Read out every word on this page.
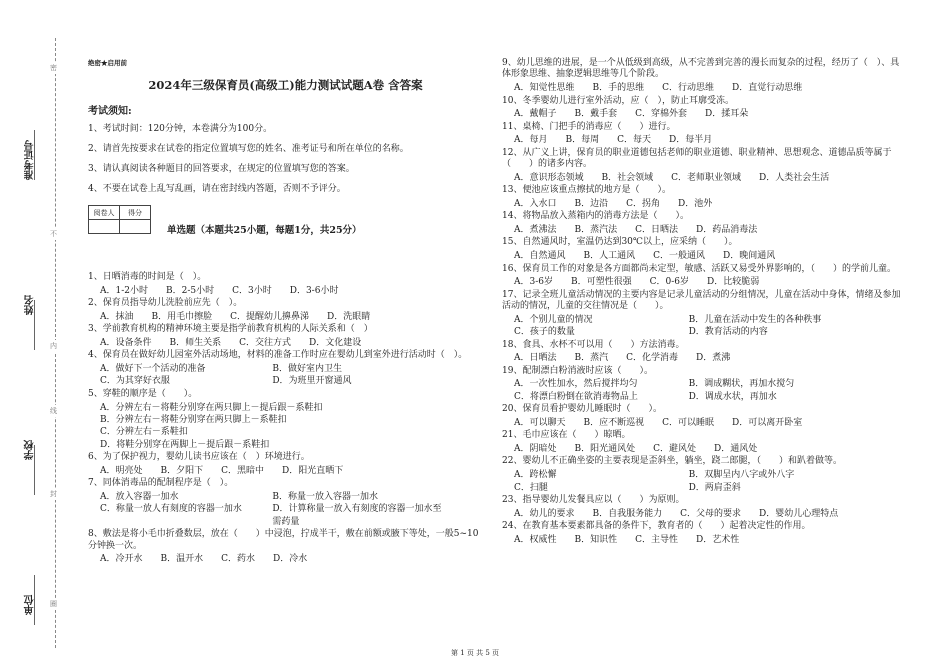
准考证号
姓名
学校
单位
密
不
内
线
封
圈
绝密★启用前
2024年三级保育员(高级工)能力测试试题A卷 含答案
考试须知:
1、考试时间：120分钟，本卷满分为100分。
2、请首先按要求在试卷的指定位置填写您的姓名、准考证号和所在单位的名称。
3、请认真阅读各种题目的回答要求，在规定的位置填写您的答案。
4、不要在试卷上乱写乱画，请在密封线内答题，否则不予评分。
阅卷人	得分

单选题（本题共25小题，每题1分，共25分）
1、日晒消毒的时间是（　）。
A．1-2小时 B．2-5小时 C．3小时 D．3-6小时
2、保育员指导幼儿洗脸前应先（　）。
A．抹油 B．用毛巾擦脸 C．提醒幼儿擤鼻涕 D．洗眼睛
3、学前教育机构的精神环境主要是指学前教育机构的人际关系和（　）
A．设备条件 B．师生关系 C．交往方式 D．文化建设
4、保育员在做好幼儿园室外活动场地，材料的准备工作时应在婴幼儿到室外进行活动时（　）。
A．做好下一个活动的准备	B．做好室内卫生
C．为其穿好衣服	D．为班里开窗通风
5、穿鞋的顺序是（　　）。
A．分辨左右－将鞋分别穿在两只脚上－提后跟－系鞋扣
B．分辨左右－将鞋分别穿在两只脚上－系鞋扣
C．分辨左右－系鞋扣
D．将鞋分别穿在两脚上－提后跟－系鞋扣
6、为了保护视力，婴幼儿读书应该在（　）环境进行。
A．明亮处 B．夕阳下 C．黑暗中 D．阳光直晒下
7、同体消毒品的配制程序是（　）。
A．放入容器一加水	B．称量一放入容器一加水
C．称量一放人有刻度的容器一加水	D．计算称量一放入有刻度的容器一加水至需药量
8、敷法是将小毛巾折叠数层，放在（　　）中浸泡，拧成半干，敷在前额或腋下等处，一般5~10分钟换一次。
A．冷开水 B．温开水 C．药水 D．冷水
9、幼儿思维的进展，是一个从低级到高级，从不完善到完善的漫长而复杂的过程，经历了（　）、具体形象思维、抽象逻辑思维等几个阶段。
A．知觉性思维 B．手的思维 C．行动思维 D．直觉行动思维
10、冬季婴幼儿进行室外活动，应（　），防止耳廓受冻。
A．戴帽子 B．戴手套 C．穿棉外套 D．揉耳朵
11、桌椅、门把手的消毒应（　　）进行。
A．每月 B．每周 C．每天 D．每半月
12、从广义上讲，保育员的职业道德包括老师的职业道德、职业精神、思想观念、道德品质等属于（　　）的诸多内容。
A．意识形态领域 B．社会领域 C．老师职业领域 D．人类社会生活
13、便池应该重点擦拭的地方是（　　）。
A．入水口 B．边沿 C．拐角 D．池外
14、将物品放入蒸箱内的消毒方法是（　　）。
A．煮沸法 B．蒸汽法 C．日晒法 D．药品消毒法
15、自然通风时，室温仍达到30℃以上，应采纳（　　）。
A．自然通风 B．人工通风 C．一般通风 D．晚间通风
16、保育员工作的对象是各方面都尚未定型，敏感、活跃又易受外界影响的，（　　）的学前儿童。
A．3-6岁 B．可塑性很强 C．0-6岁 D．比较脆弱
17、记录全班儿童活动情况的主要内容是记录儿童活动的分组情况，儿童在活动中身体，情绪及参加活动的情况，儿童的交往情况是（　　）。
A．个别儿童的情况	B．儿童在活动中发生的各种秩事
C．孩子的数量	D．教育活动的内容
18、食具、水杯不可以用（　　）方法消毒。
A．日晒法 B．蒸汽 C．化学消毒 D．煮沸
19、配制漂白粉消液时应该（　　）。
A．一次性加水，然后搅拌均匀	B．调成糊状，再加水搅匀
C．将漂白粉倒在欲消毒物品上	D．调成水状，再加水
20、保育员看护婴幼儿睡眠时（　　）。
A．可以聊天 B．应不断巡视 C．可以睡眠 D．可以离开卧室
21、毛巾应该在（　　）晾晒。
A．阴暗处 B．阳光通风处 C．避风处 D．通风处
22、婴幼儿不正确坐姿的主要表现是歪斜坐，躺坐，跷二郎腿，（　　）和趴着做等。
A．跨松懈	B．双脚呈内八字或外八字
C．扫腿	D．两肩歪斜
23、指导婴幼儿发餐具应以（　　）为原则。
A．幼儿的要求 B．自我服务能力 C．父母的要求 D．婴幼儿心理特点
24、在教育基本要素都具备的条件下，教育者的（　　）起着决定性的作用。
A．权威性 B．知识性 C．主导性 D．艺术性
第 1 页 共 5 页
